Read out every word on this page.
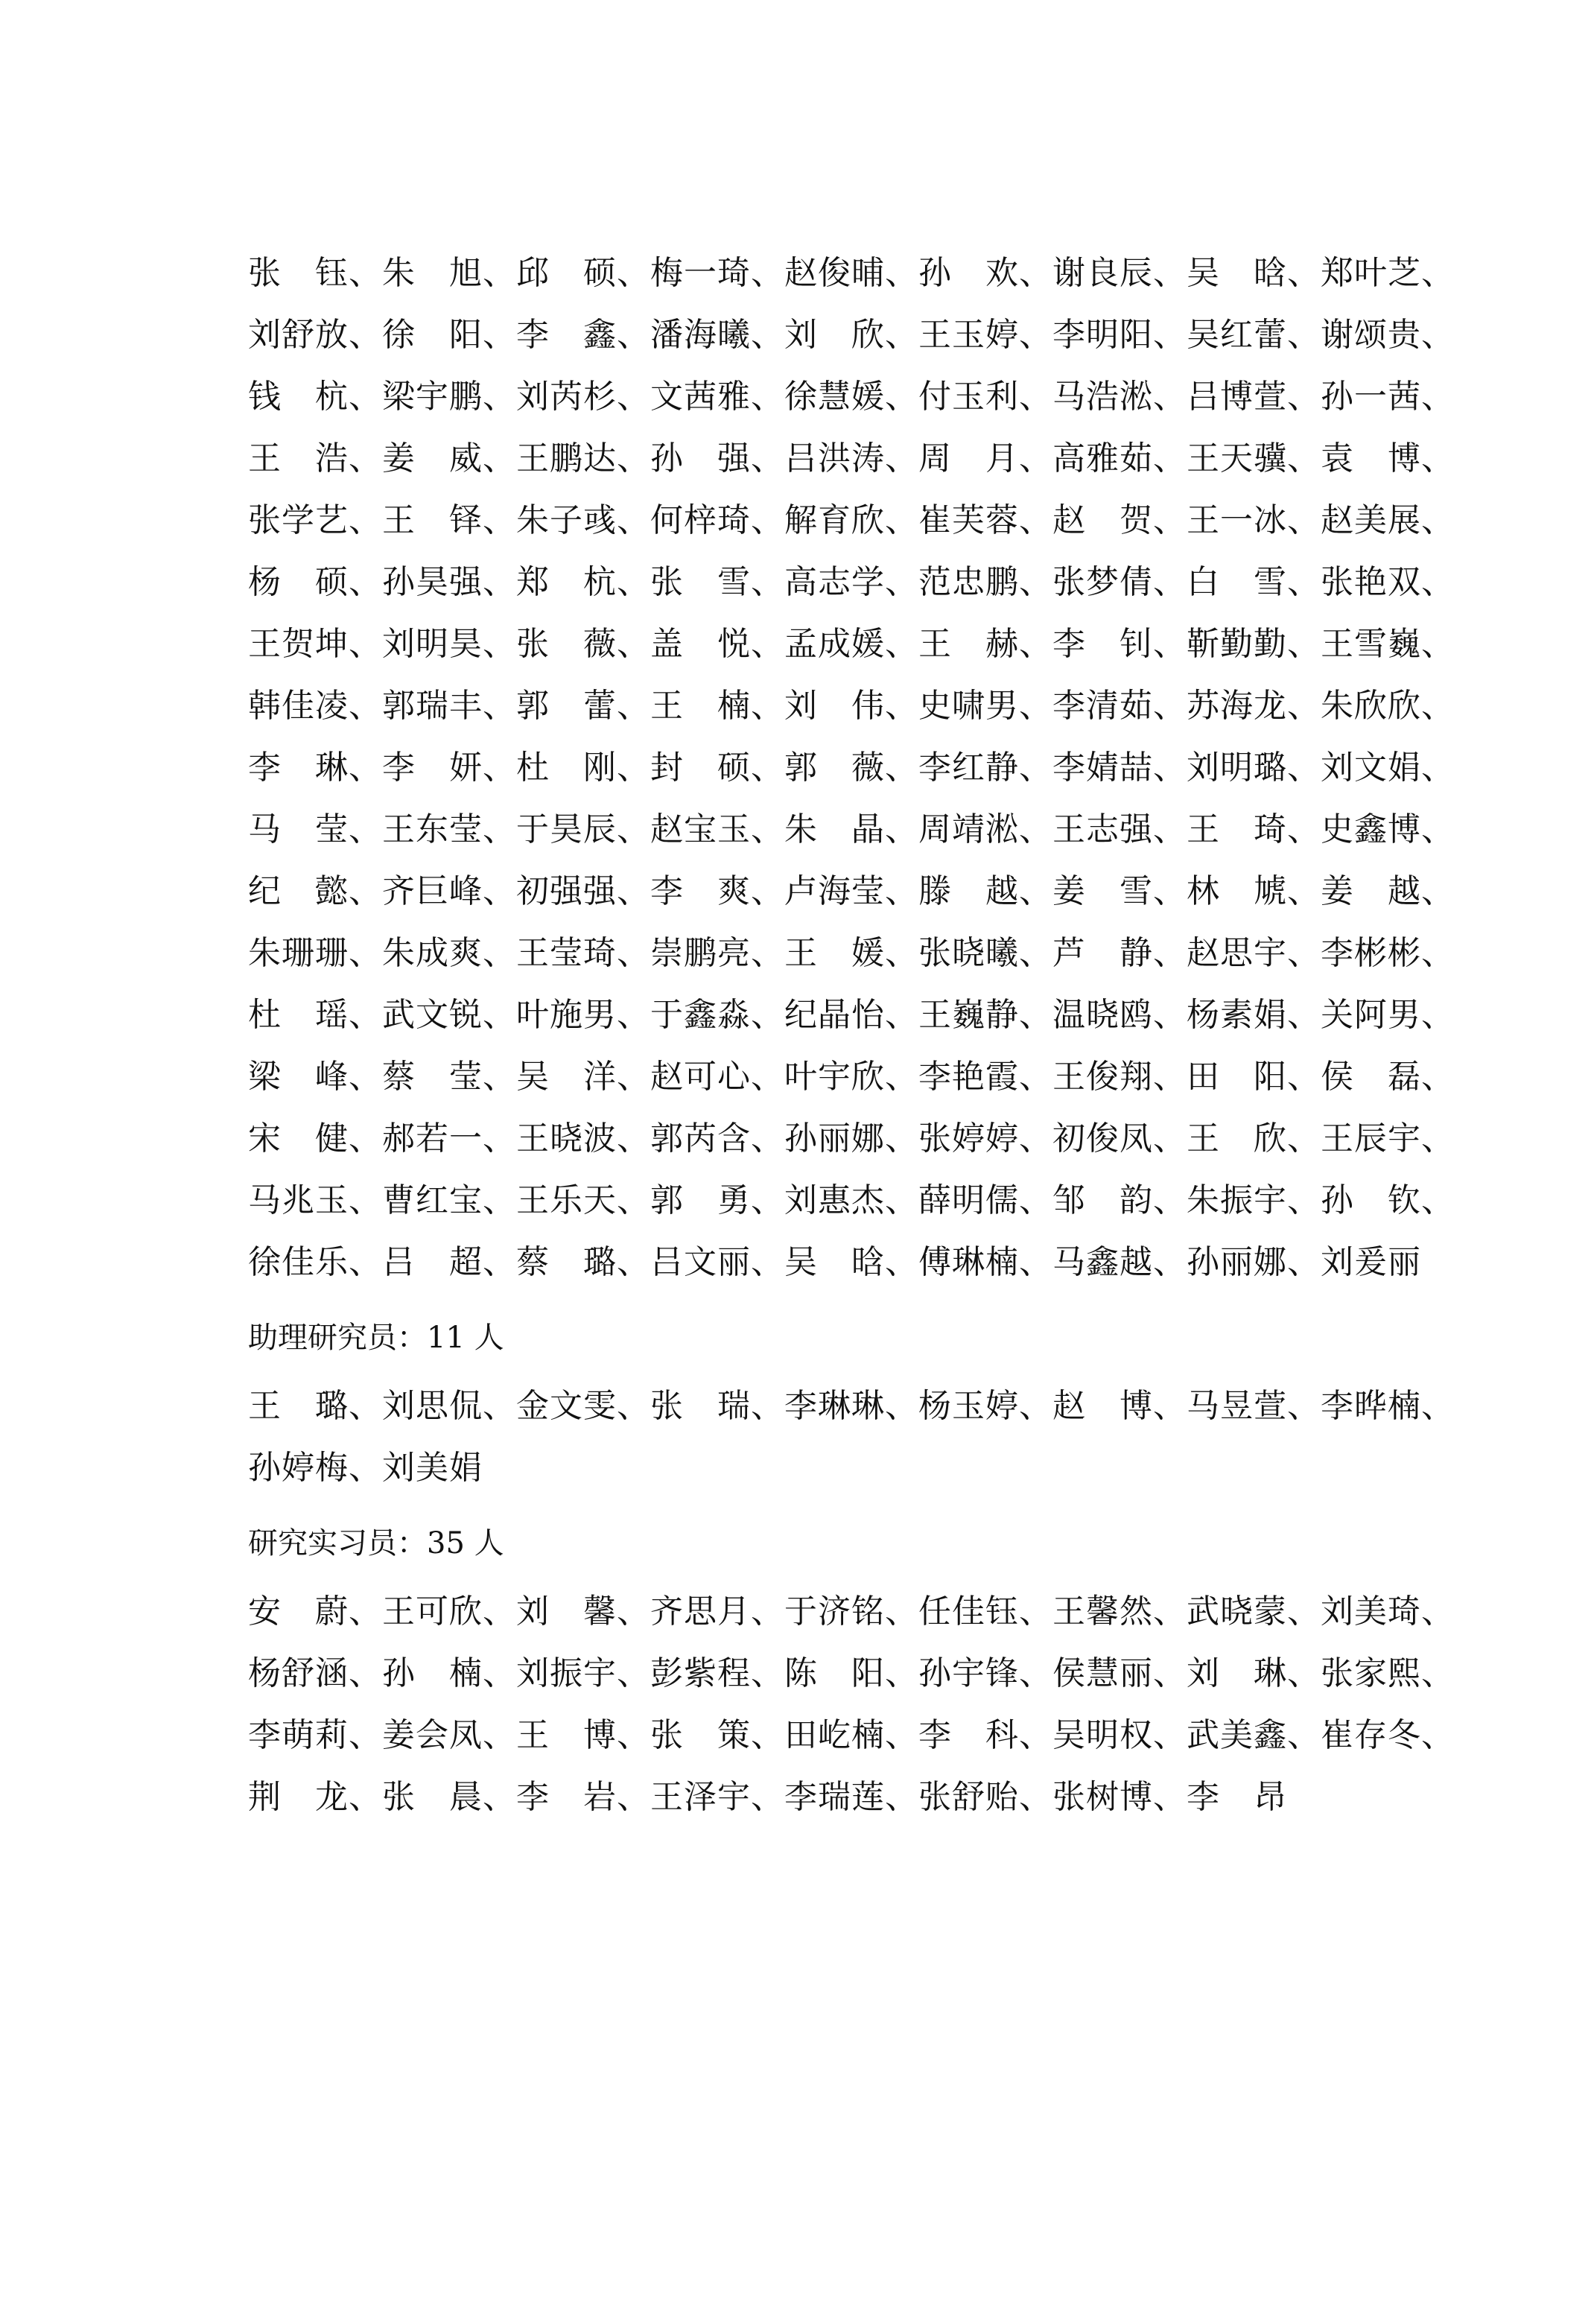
张　钰、朱　旭、邱　硕、梅一琦、赵俊晡、孙　欢、谢良辰、吴　晗、郑叶芝、
刘舒放、徐　阳、李　鑫、潘海曦、刘　欣、王玉婷、李明阳、吴红蕾、谢颂贵、
钱　杭、梁宇鹏、刘芮杉、文茜雅、徐慧媛、付玉利、马浩淞、吕博萱、孙一茜、
王　浩、姜　威、王鹏达、孙　强、吕洪涛、周　月、高雅茹、王天骥、袁　博、
张学艺、王　铎、朱子彧、何梓琦、解育欣、崔芙蓉、赵　贺、王一冰、赵美展、
杨　硕、孙昊强、郑　杭、张　雪、高志学、范忠鹏、张梦倩、白　雪、张艳双、
王贺坤、刘明昊、张　薇、盖　悦、孟成媛、王　赫、李　钊、靳勤勤、王雪巍、
韩佳凌、郭瑞丰、郭　蕾、王　楠、刘　伟、史啸男、李清茹、苏海龙、朱欣欣、
李　琳、李　妍、杜　刚、封　硕、郭　薇、李红静、李婧喆、刘明璐、刘文娟、
马　莹、王东莹、于昊辰、赵宝玉、朱　晶、周靖淞、王志强、王　琦、史鑫博、
纪　懿、齐巨峰、初强强、李　爽、卢海莹、滕　越、姜　雪、林　虓、姜　越、
朱珊珊、朱成爽、王莹琦、崇鹏亮、王　媛、张晓曦、芦　静、赵思宇、李彬彬、
杜　瑶、武文锐、叶施男、于鑫淼、纪晶怡、王巍静、温晓鸥、杨素娟、关阿男、
梁　峰、蔡　莹、吴　洋、赵可心、叶宇欣、李艳霞、王俊翔、田　阳、侯　磊、
宋　健、郝若一、王晓波、郭芮含、孙丽娜、张婷婷、初俊凤、王　欣、王辰宇、
马兆玉、曹红宝、王乐天、郭　勇、刘惠杰、薛明儒、邹　韵、朱振宇、孙　钦、
徐佳乐、吕　超、蔡　璐、吕文丽、吴　晗、傅琳楠、马鑫越、孙丽娜、刘爰丽
助理研究员：11 人
王　璐、刘思侃、金文雯、张　瑞、李琳琳、杨玉婷、赵　博、马昱萱、李晔楠、
孙婷梅、刘美娟
研究实习员：35 人
安　蔚、王可欣、刘　馨、齐思月、于济铭、任佳钰、王馨然、武晓蒙、刘美琦、
杨舒涵、孙　楠、刘振宇、彭紫程、陈　阳、孙宇锋、侯慧丽、刘　琳、张家熙、
李萌莉、姜会凤、王　博、张　策、田屹楠、李　科、吴明权、武美鑫、崔存冬、
荆　龙、张　晨、李　岩、王泽宇、李瑞莲、张舒贻、张树博、李　昂
